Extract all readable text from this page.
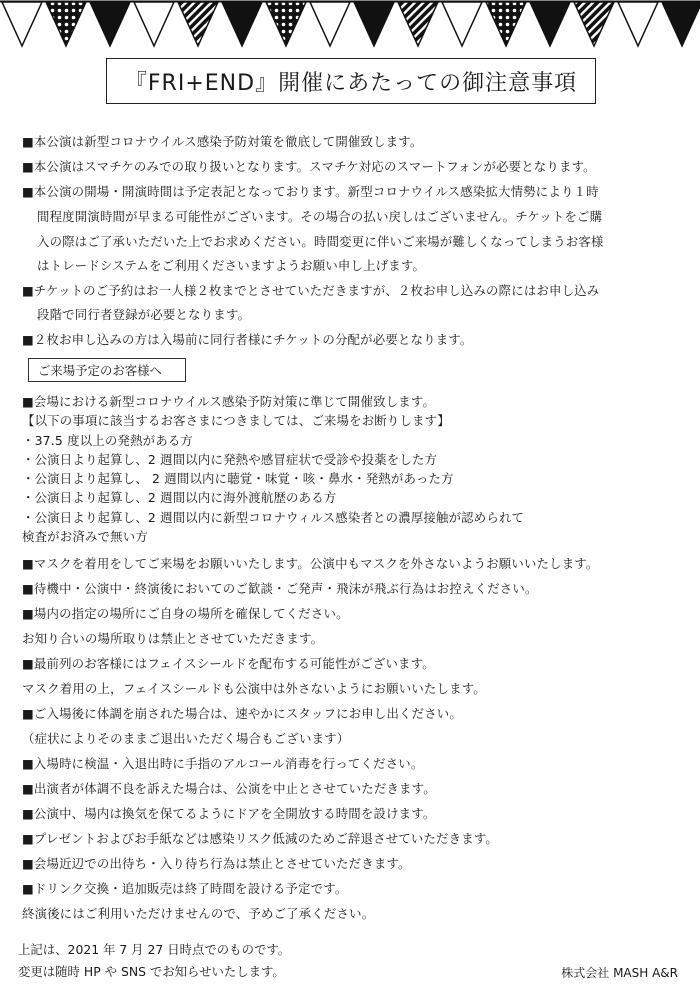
『FRI+END』開催にあたっての御注意事項
■本公演は新型コロナウイルス感染予防対策を徹底して開催致します。
■本公演はスマチケのみでの取り扱いとなります。スマチケ対応のスマートフォンが必要となります。
■本公演の開場・開演時間は予定表記となっております。新型コロナウイルス感染拡大情勢により１時
間程度開演時間が早まる可能性がございます。その場合の払い戻しはございません。チケットをご購
入の際はご了承いただいた上でお求めください。時間変更に伴いご来場が難しくなってしまうお客様
はトレードシステムをご利用くださいますようお願い申し上げます。
■チケットのご予約はお一人様２枚までとさせていただきますが、２枚お申し込みの際にはお申し込み
段階で同行者登録が必要となります。
■２枚お申し込みの方は入場前に同行者様にチケットの分配が必要となります。
ご来場予定のお客様へ
■会場における新型コロナウイルス感染予防対策に準じて開催致します。
【以下の事項に該当するお客さまにつきましては、ご来場をお断りします】
・37.5 度以上の発熱がある方
・公演日より起算し、2 週間以内に発熱や感冒症状で受診や投薬をした方
・公演日より起算し、 2 週間以内に聴覚・味覚・咳・鼻水・発熱があった方
・公演日より起算し、2 週間以内に海外渡航歴のある方
・公演日より起算し、2 週間以内に新型コロナウィルス感染者との濃厚接触が認められて
検査がお済みで無い方
■マスクを着用をしてご来場をお願いいたします。公演中もマスクを外さないようお願いいたします。
■待機中・公演中・終演後においてのご歓談・ご発声・飛沫が飛ぶ行為はお控えください。
■場内の指定の場所にご自身の場所を確保してください。
お知り合いの場所取りは禁止とさせていただきます。
■最前列のお客様にはフェイスシールドを配布する可能性がございます。
マスク着用の上，フェイスシールドも公演中は外さないようにお願いいたします。
■ご入場後に体調を崩された場合は、速やかにスタッフにお申し出ください。
（症状によりそのままご退出いただく場合もございます）
■入場時に検温・入退出時に手指のアルコール消毒を行ってください。
■出演者が体調不良を訴えた場合は、公演を中止とさせていただきます。
■公演中、場内は換気を保てるようにドアを全開放する時間を設けます。
■プレゼントおよびお手紙などは感染リスク低減のためご辞退させていただきます。
■会場近辺での出待ち・入り待ち行為は禁止とさせていただきます。
■ドリンク交換・追加販売は終了時間を設ける予定です。
終演後にはご利用いただけませんので、予めご了承ください。
上記は、2021 年 7 月 27 日時点でのものです。
変更は随時 HP や SNS でお知らせいたします。	株式会社 MASH A&R
